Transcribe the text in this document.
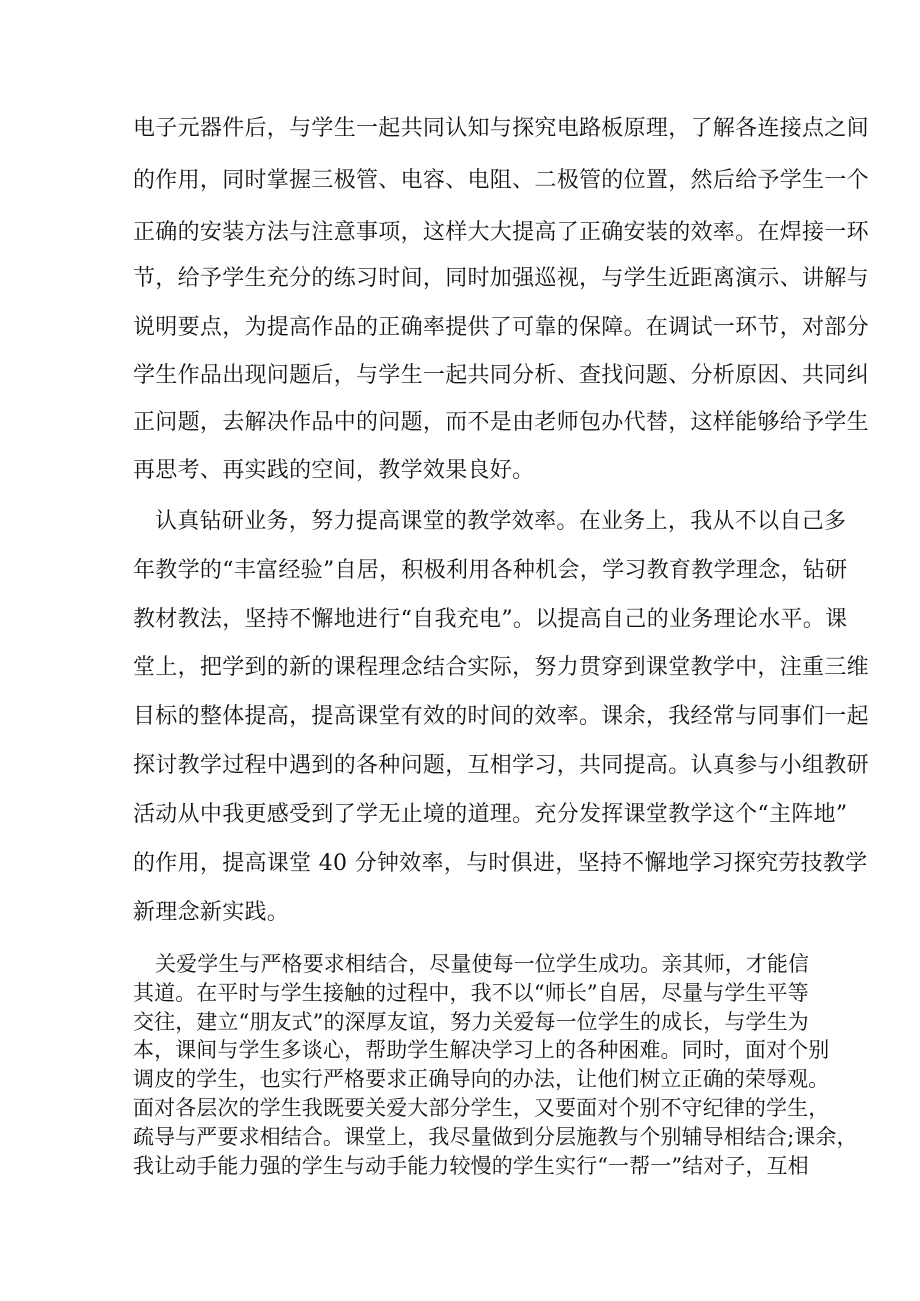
电子元器件后，与学生一起共同认知与探究电路板原理，了解各连接点之间
的作用，同时掌握三极管、电容、电阻、二极管的位置，然后给予学生一个
正确的安装方法与注意事项，这样大大提高了正确安装的效率。在焊接一环
节，给予学生充分的练习时间，同时加强巡视，与学生近距离演示、讲解与
说明要点，为提高作品的正确率提供了可靠的保障。在调试一环节，对部分
学生作品出现问题后，与学生一起共同分析、查找问题、分析原因、共同纠
正问题，去解决作品中的问题，而不是由老师包办代替，这样能够给予学生
再思考、再实践的空间，教学效果良好。
认真钻研业务，努力提高课堂的教学效率。在业务上，我从不以自己多
年教学的“丰富经验”自居，积极利用各种机会，学习教育教学理念，钻研
教材教法，坚持不懈地进行“自我充电”。以提高自己的业务理论水平。课
堂上，把学到的新的课程理念结合实际，努力贯穿到课堂教学中，注重三维
目标的整体提高，提高课堂有效的时间的效率。课余，我经常与同事们一起
探讨教学过程中遇到的各种问题，互相学习，共同提高。认真参与小组教研
活动从中我更感受到了学无止境的道理。充分发挥课堂教学这个“主阵地”
的作用，提高课堂 40 分钟效率，与时俱进，坚持不懈地学习探究劳技教学
新理念新实践。
关爱学生与严格要求相结合，尽量使每一位学生成功。亲其师，才能信
其道。在平时与学生接触的过程中，我不以“师长”自居，尽量与学生平等
交往，建立“朋友式”的深厚友谊，努力关爱每一位学生的成长，与学生为
本，课间与学生多谈心，帮助学生解决学习上的各种困难。同时，面对个别
调皮的学生，也实行严格要求正确导向的办法，让他们树立正确的荣辱观。
面对各层次的学生我既要关爱大部分学生，又要面对个别不守纪律的学生，
疏导与严要求相结合。课堂上，我尽量做到分层施教与个别辅导相结合;课余，
我让动手能力强的学生与动手能力较慢的学生实行“一帮一”结对子，互相
